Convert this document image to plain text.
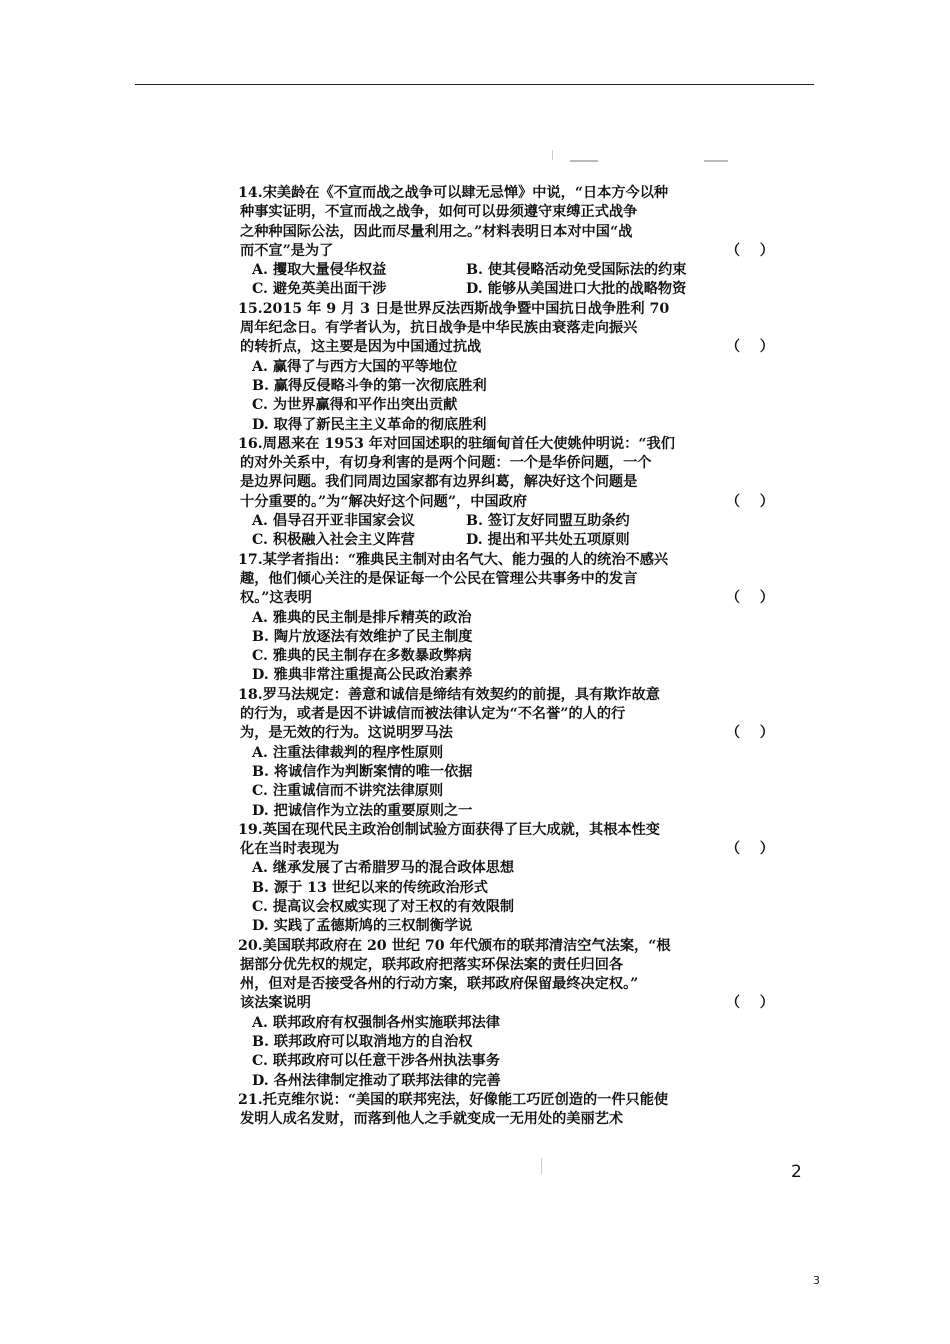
14.宋美龄在《不宣而战之战争可以肆无忌惮》中说，“日本方今以种
种事实证明，不宣而战之战争，如何可以毋须遵守束缚正式战争
之种种国际公法，因此而尽量利用之。”材料表明日本对中国“战
而不宣”是为了	（    ）
A. 攫取大量侵华权益	B. 使其侵略活动免受国际法的约束
C. 避免英美出面干涉	D. 能够从美国进口大批的战略物资
15.2015 年 9 月 3 日是世界反法西斯战争暨中国抗日战争胜利 70
周年纪念日。有学者认为，抗日战争是中华民族由衰落走向振兴
的转折点，这主要是因为中国通过抗战	（    ）
A. 赢得了与西方大国的平等地位
B. 赢得反侵略斗争的第一次彻底胜利
C. 为世界赢得和平作出突出贡献
D. 取得了新民主主义革命的彻底胜利
16.周恩来在 1953 年对回国述职的驻缅甸首任大使姚仲明说：“我们
的对外关系中，有切身利害的是两个问题：一个是华侨问题，一个
是边界问题。我们同周边国家都有边界纠葛，解决好这个问题是
十分重要的。”为“解决好这个问题”，中国政府	（    ）
A. 倡导召开亚非国家会议	B. 签订友好同盟互助条约
C. 积极融入社会主义阵营	D. 提出和平共处五项原则
17.某学者指出：“雅典民主制对由名气大、能力强的人的统治不感兴
趣，他们倾心关注的是保证每一个公民在管理公共事务中的发言
权。”这表明	（    ）
A. 雅典的民主制是排斥精英的政治
B. 陶片放逐法有效维护了民主制度
C. 雅典的民主制存在多数暴政弊病
D. 雅典非常注重提高公民政治素养
18.罗马法规定：善意和诚信是缔结有效契约的前提，具有欺诈故意
的行为，或者是因不讲诚信而被法律认定为“不名誉”的人的行
为，是无效的行为。这说明罗马法	（    ）
A. 注重法律裁判的程序性原则
B. 将诚信作为判断案情的唯一依据
C. 注重诚信而不讲究法律原则
D. 把诚信作为立法的重要原则之一
19.英国在现代民主政治创制试验方面获得了巨大成就，其根本性变
化在当时表现为	（    ）
A. 继承发展了古希腊罗马的混合政体思想
B. 源于 13 世纪以来的传统政治形式
C. 提高议会权威实现了对王权的有效限制
D. 实践了孟德斯鸠的三权制衡学说
20.美国联邦政府在 20 世纪 70 年代颁布的联邦清洁空气法案，“根
据部分优先权的规定，联邦政府把落实环保法案的责任归回各
州，但对是否接受各州的行动方案，联邦政府保留最终决定权。”
该法案说明	（    ）
A. 联邦政府有权强制各州实施联邦法律
B. 联邦政府可以取消地方的自治权
C. 联邦政府可以任意干涉各州执法事务
D. 各州法律制定推动了联邦法律的完善
21.托克维尔说：“美国的联邦宪法，好像能工巧匠创造的一件只能使
发明人成名发财，而落到他人之手就变成一无用处的美丽艺术
2
3
